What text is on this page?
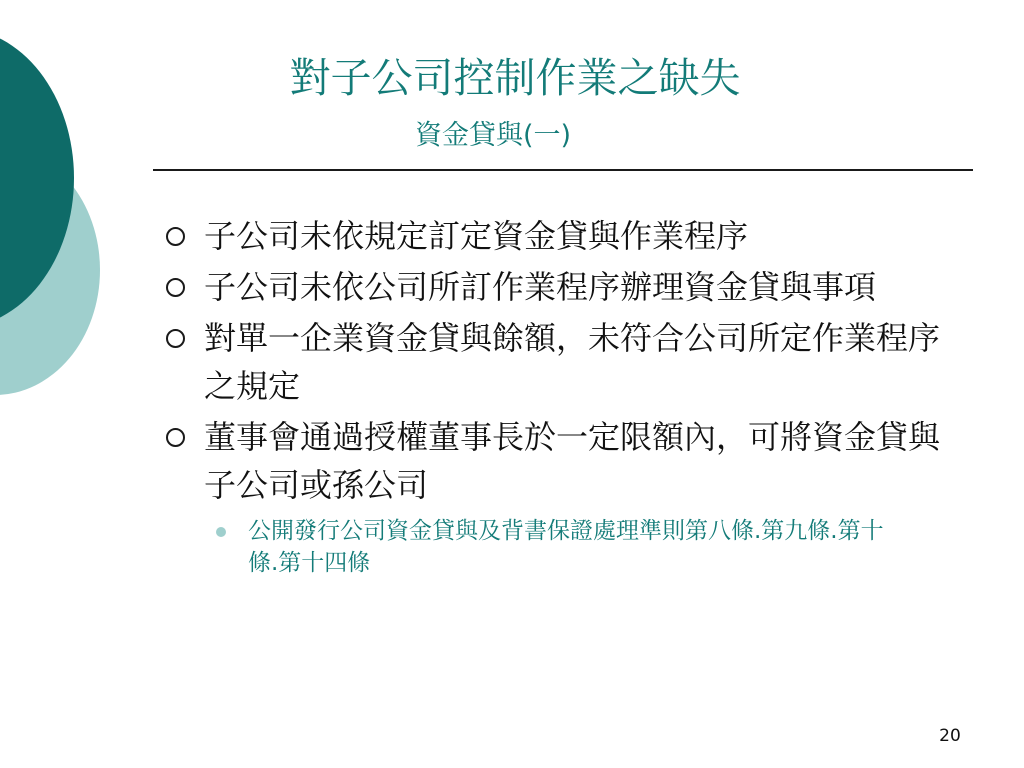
對子公司控制作業之缺失
資金貸與(一)
子公司未依規定訂定資金貸與作業程序
子公司未依公司所訂作業程序辦理資金貸與事項
對單一企業資金貸與餘額，未符合公司所定作業程序之規定
董事會通過授權董事長於一定限額內，可將資金貸與子公司或孫公司
公開發行公司資金貸與及背書保證處理準則第八條.第九條.第十條.第十四條
20
